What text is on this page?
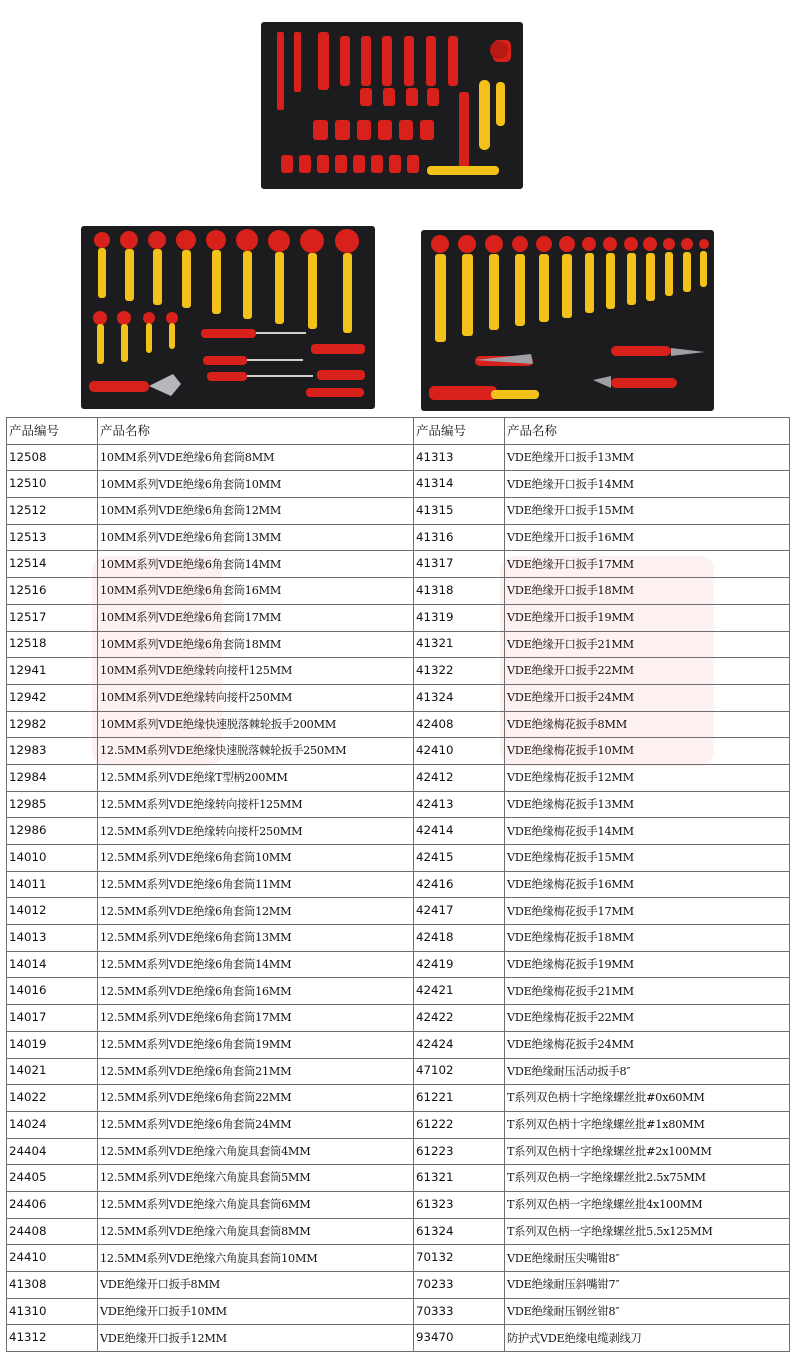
产品编号	产品名称	产品编号	产品名称
12508	10MM系列VDE绝缘6角套筒8MM	41313	VDE绝缘开口扳手13MM
12510	10MM系列VDE绝缘6角套筒10MM	41314	VDE绝缘开口扳手14MM
12512	10MM系列VDE绝缘6角套筒12MM	41315	VDE绝缘开口扳手15MM
12513	10MM系列VDE绝缘6角套筒13MM	41316	VDE绝缘开口扳手16MM
12514	10MM系列VDE绝缘6角套筒14MM	41317	VDE绝缘开口扳手17MM
12516	10MM系列VDE绝缘6角套筒16MM	41318	VDE绝缘开口扳手18MM
12517	10MM系列VDE绝缘6角套筒17MM	41319	VDE绝缘开口扳手19MM
12518	10MM系列VDE绝缘6角套筒18MM	41321	VDE绝缘开口扳手21MM
12941	10MM系列VDE绝缘转向接杆125MM	41322	VDE绝缘开口扳手22MM
12942	10MM系列VDE绝缘转向接杆250MM	41324	VDE绝缘开口扳手24MM
12982	10MM系列VDE绝缘快速脱落棘轮扳手200MM	42408	VDE绝缘梅花扳手8MM
12983	12.5MM系列VDE绝缘快速脱落棘轮扳手250MM	42410	VDE绝缘梅花扳手10MM
12984	12.5MM系列VDE绝缘T型柄200MM	42412	VDE绝缘梅花扳手12MM
12985	12.5MM系列VDE绝缘转向接杆125MM	42413	VDE绝缘梅花扳手13MM
12986	12.5MM系列VDE绝缘转向接杆250MM	42414	VDE绝缘梅花扳手14MM
14010	12.5MM系列VDE绝缘6角套筒10MM	42415	VDE绝缘梅花扳手15MM
14011	12.5MM系列VDE绝缘6角套筒11MM	42416	VDE绝缘梅花扳手16MM
14012	12.5MM系列VDE绝缘6角套筒12MM	42417	VDE绝缘梅花扳手17MM
14013	12.5MM系列VDE绝缘6角套筒13MM	42418	VDE绝缘梅花扳手18MM
14014	12.5MM系列VDE绝缘6角套筒14MM	42419	VDE绝缘梅花扳手19MM
14016	12.5MM系列VDE绝缘6角套筒16MM	42421	VDE绝缘梅花扳手21MM
14017	12.5MM系列VDE绝缘6角套筒17MM	42422	VDE绝缘梅花扳手22MM
14019	12.5MM系列VDE绝缘6角套筒19MM	42424	VDE绝缘梅花扳手24MM
14021	12.5MM系列VDE绝缘6角套筒21MM	47102	VDE绝缘耐压活动扳手8″
14022	12.5MM系列VDE绝缘6角套筒22MM	61221	T系列双色柄十字绝缘螺丝批#0x60MM
14024	12.5MM系列VDE绝缘6角套筒24MM	61222	T系列双色柄十字绝缘螺丝批#1x80MM
24404	12.5MM系列VDE绝缘六角旋具套筒4MM	61223	T系列双色柄十字绝缘螺丝批#2x100MM
24405	12.5MM系列VDE绝缘六角旋具套筒5MM	61321	T系列双色柄一字绝缘螺丝批2.5x75MM
24406	12.5MM系列VDE绝缘六角旋具套筒6MM	61323	T系列双色柄一字绝缘螺丝批4x100MM
24408	12.5MM系列VDE绝缘六角旋具套筒8MM	61324	T系列双色柄一字绝缘螺丝批5.5x125MM
24410	12.5MM系列VDE绝缘六角旋具套筒10MM	70132	VDE绝缘耐压尖嘴钳8″
41308	VDE绝缘开口扳手8MM	70233	VDE绝缘耐压斜嘴钳7″
41310	VDE绝缘开口扳手10MM	70333	VDE绝缘耐压钢丝钳8″
41312	VDE绝缘开口扳手12MM	93470	防护式VDE绝缘电缆剥线刀
